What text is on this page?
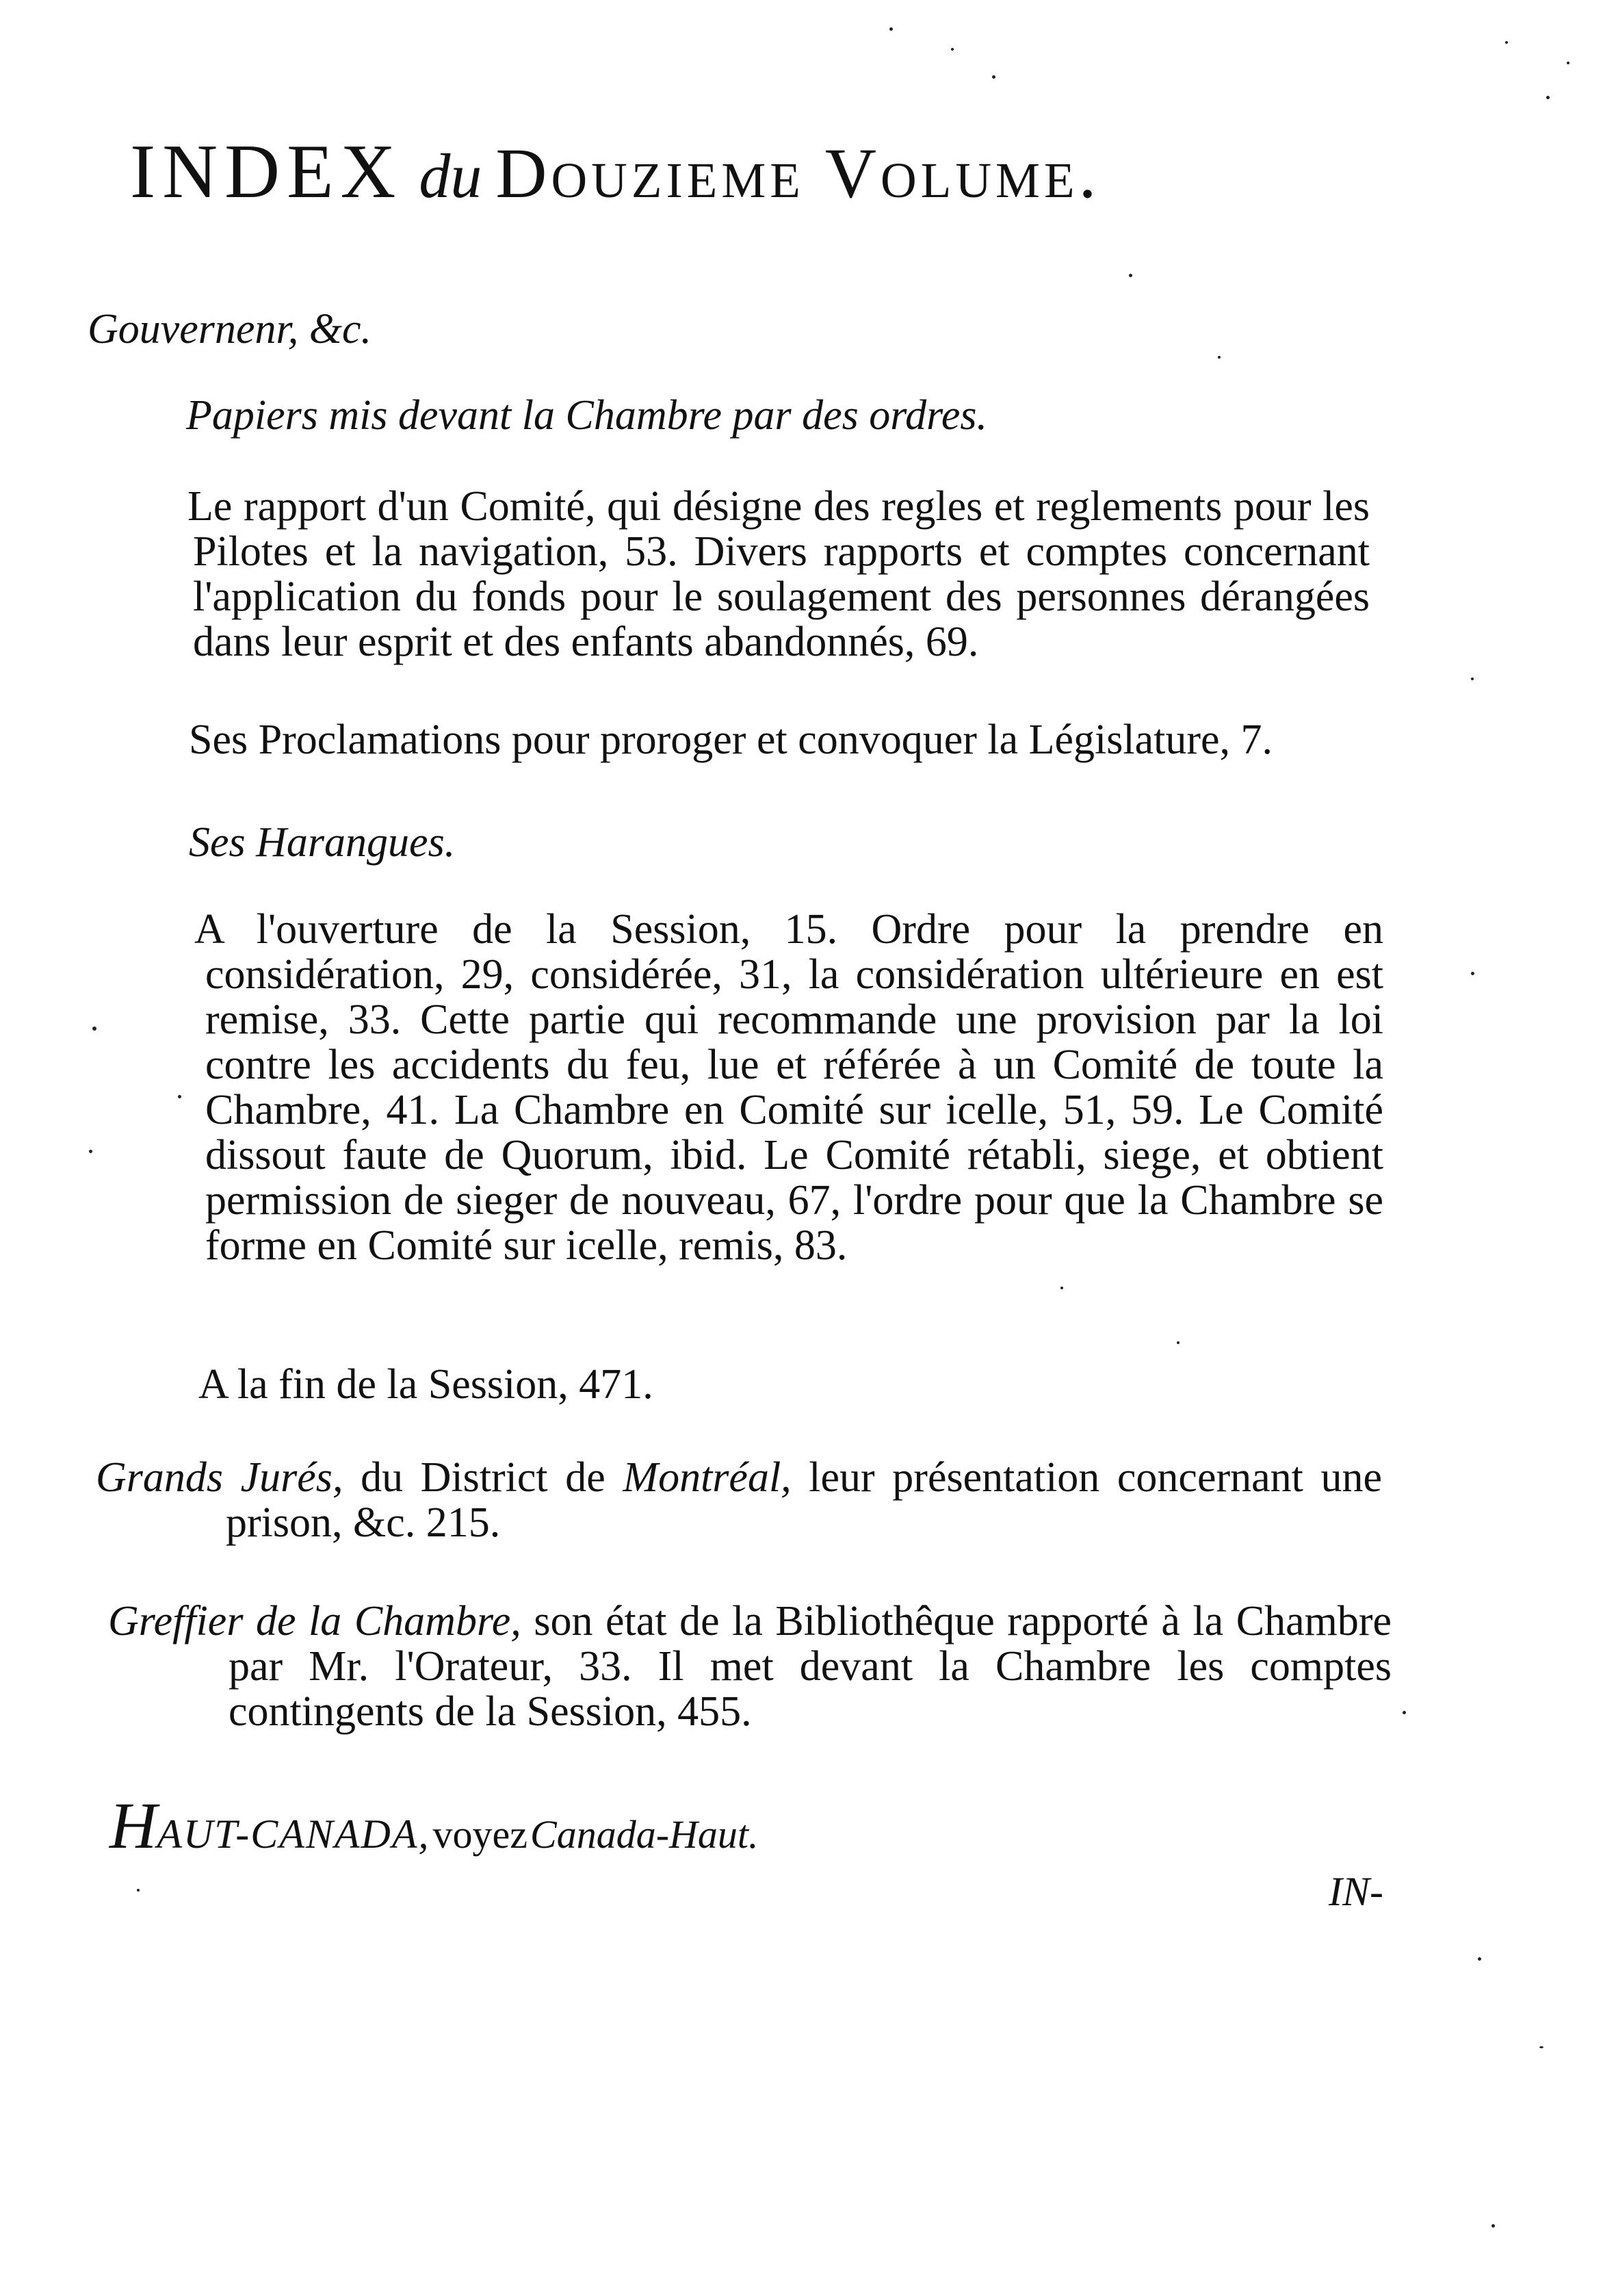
INDEX du Douzieme Volume.
Gouvernenr, &c.
Papiers mis devant la Chambre par des ordres.
Le rapport d'un Comité, qui désigne des regles et reglements pour les Pilotes et la navigation, 53. Divers rapports et comptes concernant l'application du fonds pour le soulagement des personnes dérangées dans leur esprit et des enfants abandonnés, 69.
Ses Proclamations pour proroger et convoquer la Législature, 7.
Ses Harangues.
A l'ouverture de la Session, 15. Ordre pour la prendre en considération, 29, considérée, 31, la considération ultérieure en est remise, 33. Cette partie qui recommande une provision par la loi contre les accidents du feu, lue et référée à un Comité de toute la Chambre, 41. La Chambre en Comité sur icelle, 51, 59. Le Comité dissout faute de Quorum, ibid. Le Comité rétabli, siege, et obtient permission de sieger de nouveau, 67, l'ordre pour que la Chambre se forme en Comité sur icelle, remis, 83.
A la fin de la Session, 471.
Grands Jurés, du District de Montréal, leur présentation concernant une prison, &c. 215.
Greffier de la Chambre, son état de la Bibliothêque rapporté à la Chambre par Mr. l'Orateur, 33. Il met devant la Chambre les comptes contingents de la Session, 455.
HAUT-CANADA, voyez Canada-Haut.
IN-
